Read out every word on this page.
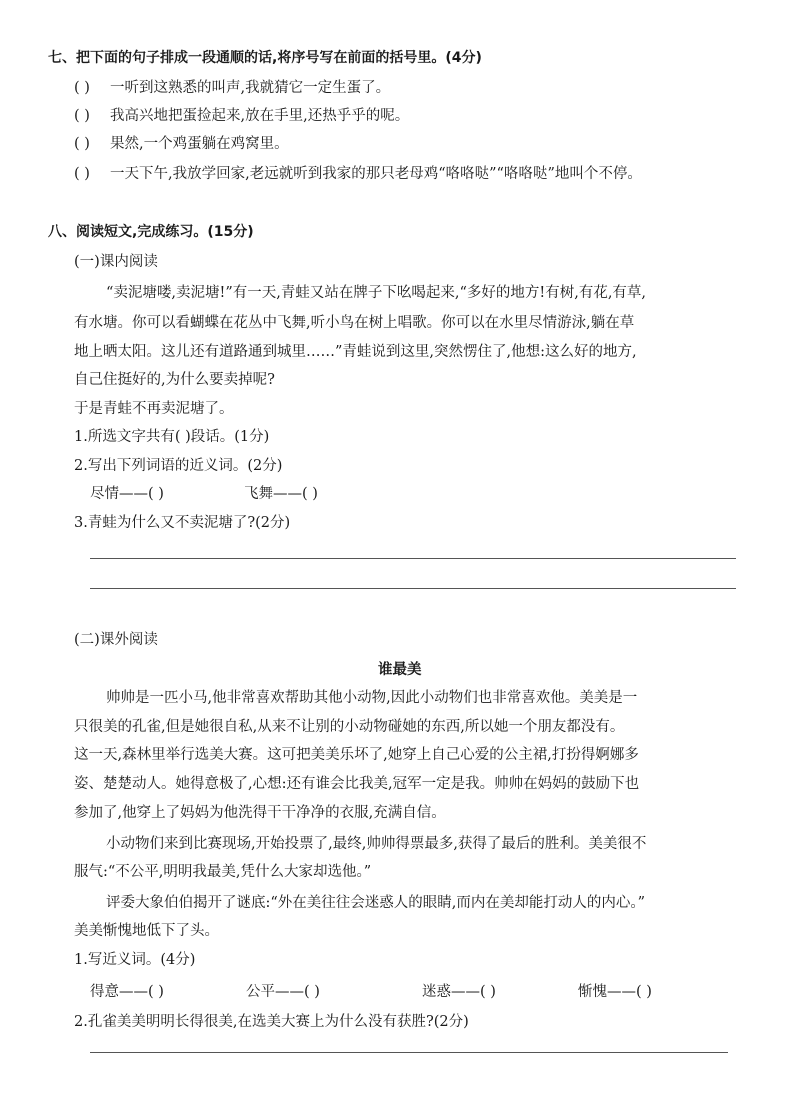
七、把下面的句子排成一段通顺的话,将序号写在前面的括号里。(4分)
( ) 一听到这熟悉的叫声,我就猜它一定生蛋了。
( ) 我高兴地把蛋捡起来,放在手里,还热乎乎的呢。
( ) 果然,一个鸡蛋躺在鸡窝里。
( ) 一天下午,我放学回家,老远就听到我家的那只老母鸡“咯咯哒”“咯咯哒”地叫个不停。
八、阅读短文,完成练习。(15分)
(一)课内阅读
“卖泥塘喽,卖泥塘!”有一天,青蛙又站在牌子下吆喝起来,“多好的地方!有树,有花,有草,
有水塘。你可以看蝴蝶在花丛中飞舞,听小鸟在树上唱歌。你可以在水里尽情游泳,躺在草
地上晒太阳。这儿还有道路通到城里……”青蛙说到这里,突然愣住了,他想:这么好的地方,
自己住挺好的,为什么要卖掉呢?
于是青蛙不再卖泥塘了。
1.所选文字共有( )段话。(1分)
2.写出下列词语的近义词。(2分)
尽情——( )	飞舞——( )
3.青蛙为什么又不卖泥塘了?(2分)
(二)课外阅读
谁最美
帅帅是一匹小马,他非常喜欢帮助其他小动物,因此小动物们也非常喜欢他。美美是一
只很美的孔雀,但是她很自私,从来不让别的小动物碰她的东西,所以她一个朋友都没有。
这一天,森林里举行选美大赛。这可把美美乐坏了,她穿上自己心爱的公主裙,打扮得婀娜多
姿、楚楚动人。她得意极了,心想:还有谁会比我美,冠军一定是我。帅帅在妈妈的鼓励下也
参加了,他穿上了妈妈为他洗得干干净净的衣服,充满自信。
小动物们来到比赛现场,开始投票了,最终,帅帅得票最多,获得了最后的胜利。美美很不
服气:“不公平,明明我最美,凭什么大家却选他。”
评委大象伯伯揭开了谜底:“外在美往往会迷惑人的眼睛,而内在美却能打动人的内心。”
美美惭愧地低下了头。
1.写近义词。(4分)
得意——( )	公平——( )	迷惑——( )	惭愧——( )
2.孔雀美美明明长得很美,在选美大赛上为什么没有获胜?(2分)
